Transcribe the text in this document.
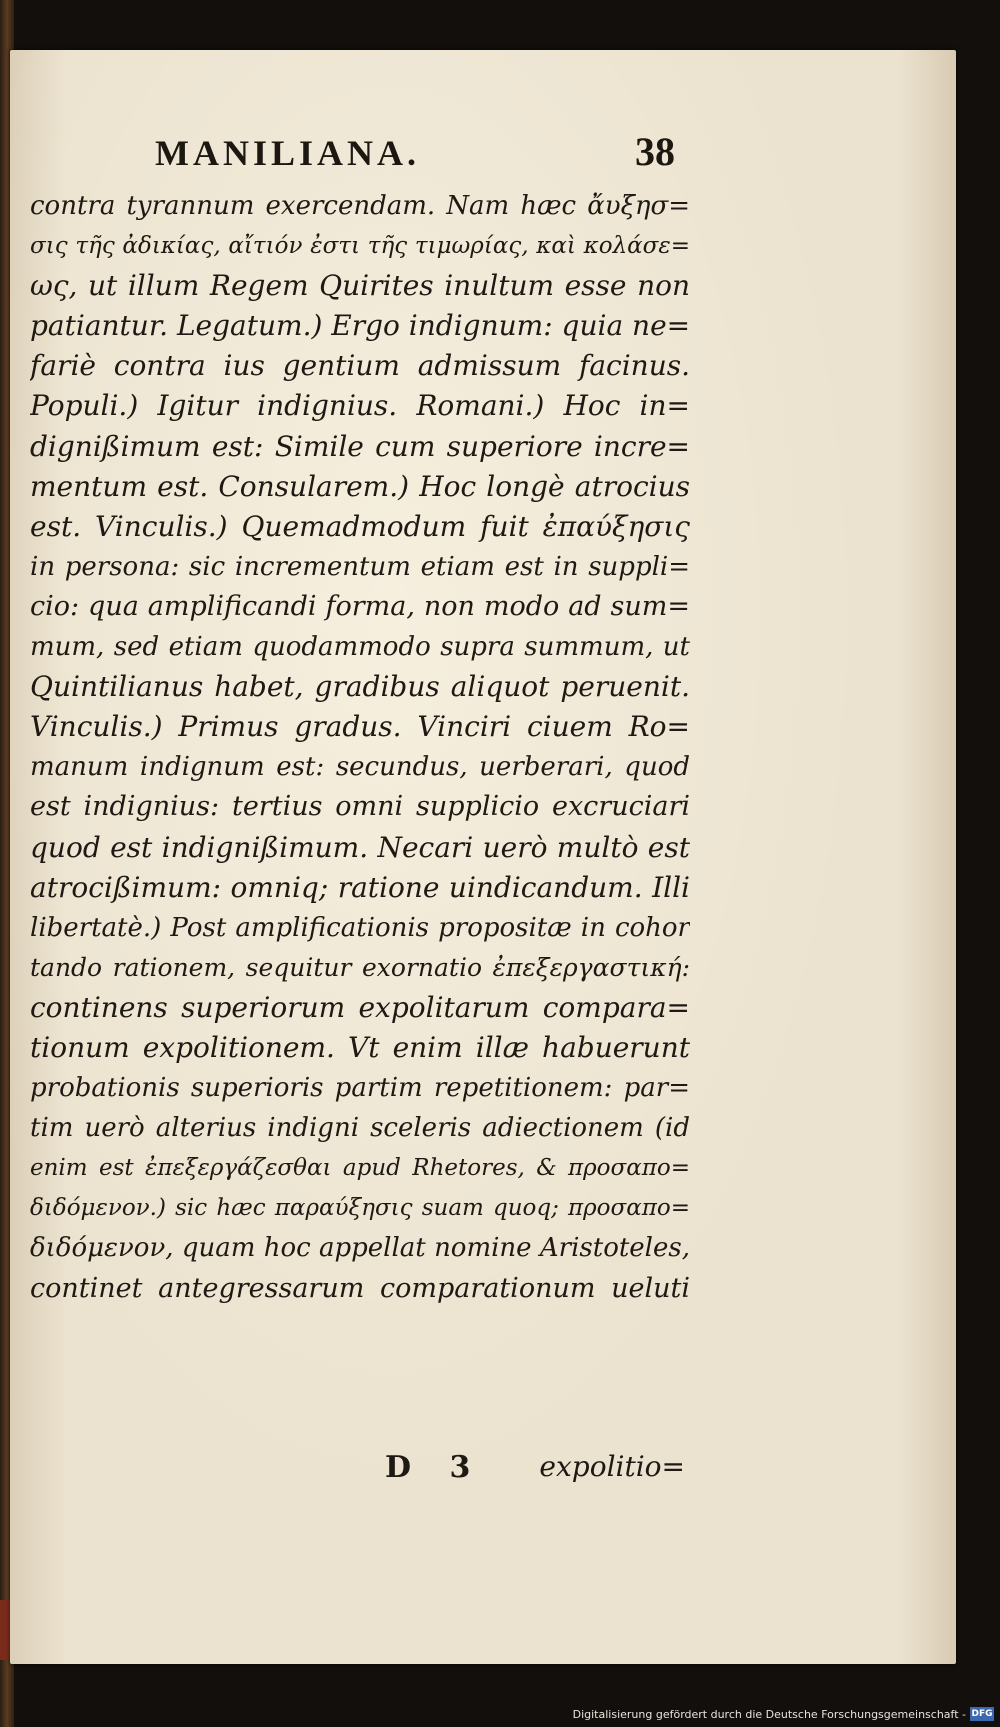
MANILIANA.	38
contra tyrannum exercendam. Nam hæc ἄυξησ=
σις τῆς ἀδικίας, αἴτιόν ἐστι τῆς τιμωρίας, καὶ κολάσε=
ως, ut illum Regem Quirites inultum esse non
patiantur. Legatum.) Ergo indignum: quia ne=
fariè contra ius gentium admissum facinus.
Populi.) Igitur indignius. Romani.) Hoc in=
dignißimum est: Simile cum superiore incre=
mentum est. Consularem.) Hoc longè atrocius
est. Vinculis.) Quemadmodum fuit ἐπαύξησις
in persona: sic incrementum etiam est in suppli=
cio: qua amplificandi forma, non modo ad sum=
mum, sed etiam quodammodo supra summum, ut
Quintilianus habet, gradibus aliquot peruenit.
Vinculis.) Primus gradus. Vinciri ciuem Ro=
manum indignum est: secundus, uerberari, quod
est indignius: tertius omni supplicio excruciari
quod est indignißimum. Necari uerò multò est
atrocißimum: omniq; ratione uindicandum. Illi
libertatè.) Post amplificationis propositæ in cohor
tando rationem, sequitur exornatio ἐπεξεργαστική:
continens superiorum expolitarum compara=
tionum expolitionem. Vt enim illæ habuerunt
probationis superioris partim repetitionem: par=
tim uerò alterius indigni sceleris adiectionem (id
enim est ἐπεξεργάζεσθαι apud Rhetores, & προσαπο=
διδόμενον.) sic hæc παραύξησις suam quoq; προσαπο=
διδόμενον, quam hoc appellat nomine Aristoteles,
continet antegressarum comparationum ueluti
D 3 expolitio=
Digitalisierung gefördert durch die Deutsche Forschungsgemeinschaft - DFG
